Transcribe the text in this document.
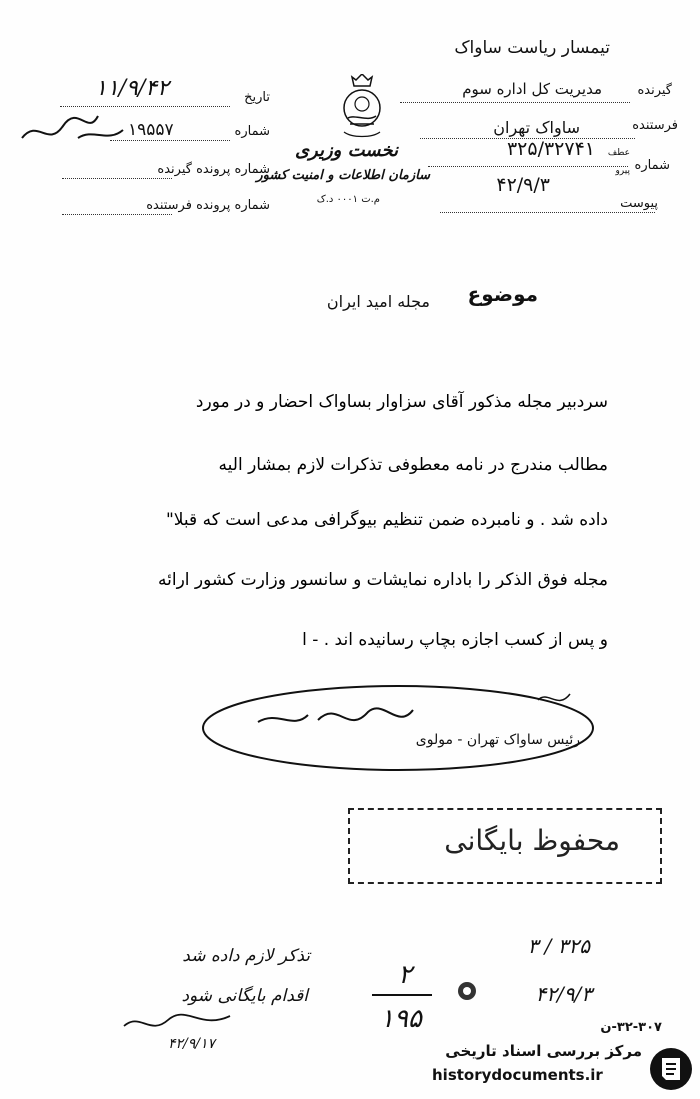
تیمسار ریاست ساواک
گیرنده
مدیریت کل اداره سوم
فرستنده
ساواک تهران
شماره
عطف
پیرو
۳۲۵/۳۲۷۴۱
پیوست
۴۲/۹/۳
تاریخ
۱۱/۹/۴۲
شماره
۱۹۵۵۷
شماره پرونده گیرنده
شماره پرونده فرستنده
نخست وزیری
سازمان اطلاعات و امنیت کشور
م.ت ۰۰۰۱ د.ک
موضوع
مجله امید ایران
سردبیر مجله مذکور آقای سزاوار بساواک احضار و در مورد
مطالب مندرج در نامه معطوفی تذکرات لازم بمشار الیه
داده شد . و نامبرده ضمن تنظیم بیوگرافی مدعی است که قبلا"
مجله فوق الذکر را باداره نمایشات و سانسور وزارت کشور ارائه
و پس از کسب اجازه بچاپ رسانیده اند . - ا
رئیس ساواک تهران - مولوی
محفوظ بایگانی
تذکر لازم داده شد
اقدام بایگانی شود
۴۲/۹/۱۷
۲
۱۹۵
۳۲۵ / ۳
۴۲/۹/۳
۳۲-۳۰۷-ن
مرکز بررسی اسناد تاریخی
historydocuments.ir
